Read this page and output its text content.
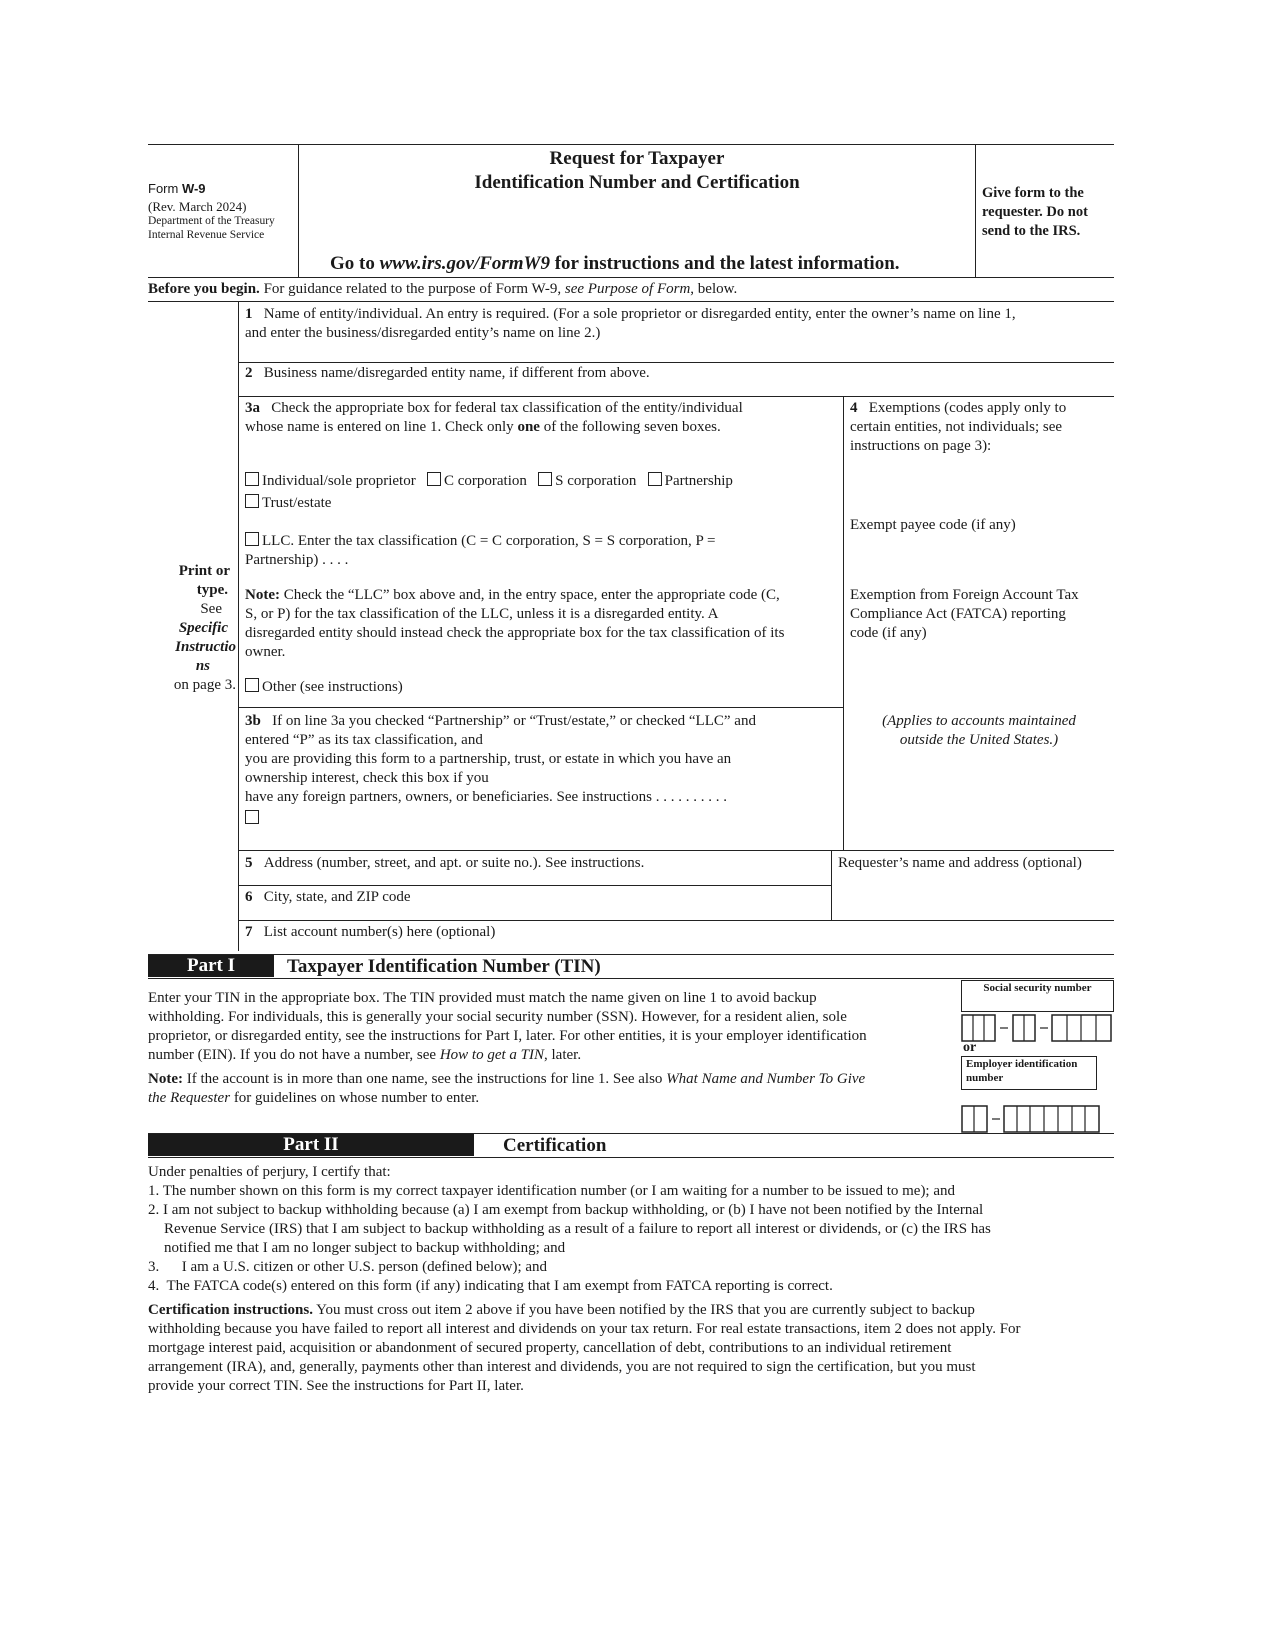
Form W-9
(Rev. March 2024)
Department of the Treasury
Internal Revenue Service
Request for Taxpayer
Identification Number and Certification
Go to www.irs.gov/FormW9 for instructions and the latest information.
Give form to the requester. Do not send to the IRS.
Before you begin. For guidance related to the purpose of Form W-9, see Purpose of Form, below.
Print or
type.
See
Specific
Instructio
ns
on page 3.
1 Name of entity/individual. An entry is required. (For a sole proprietor or disregarded entity, enter the owner’s name on line 1,
and enter the business/disregarded entity’s name on line 2.)
2 Business name/disregarded entity name, if different from above.
3a Check the appropriate box for federal tax classification of the entity/individual
whose name is entered on line 1. Check only one of the following seven boxes.
Individual/sole proprietor C corporation S corporation Partnership
Trust/estate
LLC. Enter the tax classification (C = C corporation, S = S corporation, P =
Partnership) . . . .
Note: Check the “LLC” box above and, in the entry space, enter the appropriate code (C,
S, or P) for the tax classification of the LLC, unless it is a disregarded entity. A
disregarded entity should instead check the appropriate box for the tax classification of its
owner.
Other (see instructions)
3b If on line 3a you checked “Partnership” or “Trust/estate,” or checked “LLC” and
entered “P” as its tax classification, and
you are providing this form to a partnership, trust, or estate in which you have an
ownership interest, check this box if you
have any foreign partners, owners, or beneficiaries. See instructions . . . . . . . . . .
4 Exemptions (codes apply only to
certain entities, not individuals; see
instructions on page 3):
Exempt payee code (if any)
Exemption from Foreign Account Tax
Compliance Act (FATCA) reporting
code (if any)
(Applies to accounts maintained
outside the United States.)
5 Address (number, street, and apt. or suite no.). See instructions.	Requester’s name and address (optional)
6 City, state, and ZIP code
7 List account number(s) here (optional)
Part I	Taxpayer Identification Number (TIN)
Enter your TIN in the appropriate box. The TIN provided must match the name given on line 1 to avoid backup
withholding. For individuals, this is generally your social security number (SSN). However, for a resident alien, sole
proprietor, or disregarded entity, see the instructions for Part I, later. For other entities, it is your employer identification
number (EIN). If you do not have a number, see How to get a TIN, later.
Note: If the account is in more than one name, see the instructions for line 1. See also What Name and Number To Give
the Requester for guidelines on whose number to enter.
Social security number
or
Employer identification
number
Part II	Certification
Under penalties of perjury, I certify that:
1. The number shown on this form is my correct taxpayer identification number (or I am waiting for a number to be issued to me); and
2. I am not subject to backup withholding because (a) I am exempt from backup withholding, or (b) I have not been notified by the Internal
Revenue Service (IRS) that I am subject to backup withholding as a result of a failure to report all interest or dividends, or (c) the IRS has
notified me that I am no longer subject to backup withholding; and
3.      I am a U.S. citizen or other U.S. person (defined below); and
4.  The FATCA code(s) entered on this form (if any) indicating that I am exempt from FATCA reporting is correct.
Certification instructions. You must cross out item 2 above if you have been notified by the IRS that you are currently subject to backup
withholding because you have failed to report all interest and dividends on your tax return. For real estate transactions, item 2 does not apply. For
mortgage interest paid, acquisition or abandonment of secured property, cancellation of debt, contributions to an individual retirement
arrangement (IRA), and, generally, payments other than interest and dividends, you are not required to sign the certification, but you must
provide your correct TIN. See the instructions for Part II, later.
